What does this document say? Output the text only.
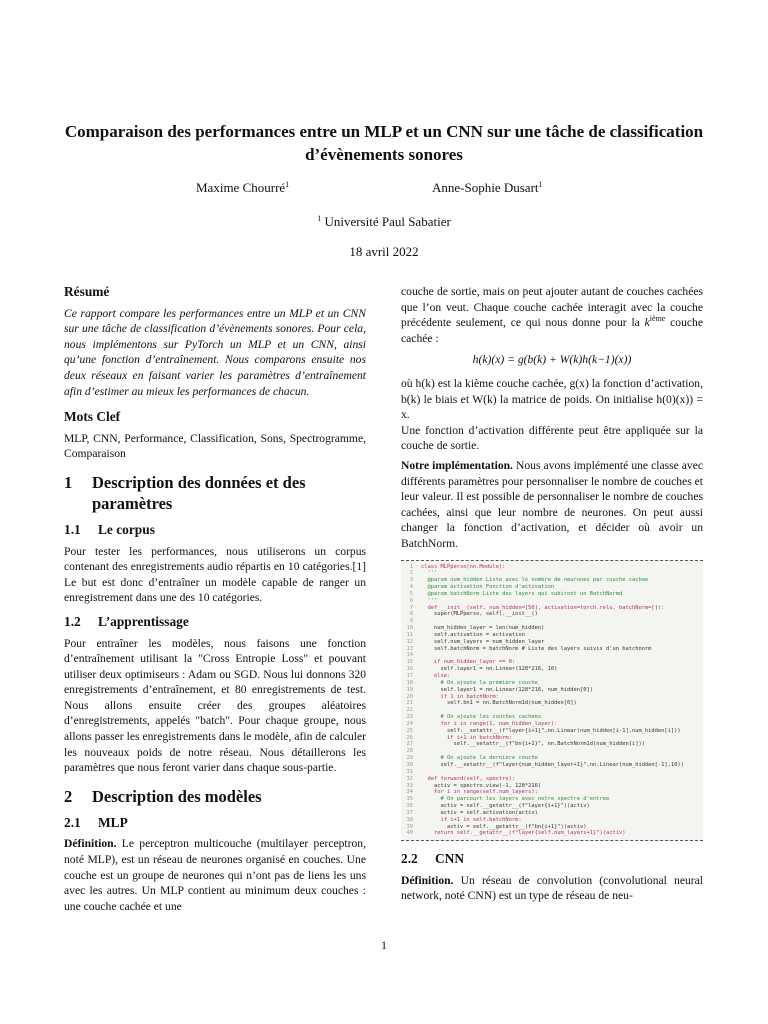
Comparaison des performances entre un MLP et un CNN sur une tâche de classification d’évènements sonores
Maxime Chourré$^1$	Anne-Sophie Dusart$^1$
$^1$ Université Paul Sabatier
18 avril 2022
Résumé

Ce rapport compare les performances entre un MLP et un CNN sur une tâche de classification d’évènements sonores. Pour cela, nous implémentons sur PyTorch un MLP et un CNN, ainsi qu’une fonction d’entraînement. Nous comparons ensuite nos deux réseaux en faisant varier les paramètres d’entraînement afin d’estimer au mieux les performances de chacun.

Mots Clef

MLP, CNN, Performance, Classification, Sons, Spectrogramme, Comparaison

1	Description des données et des paramètres
1.1	Le corpus

Pour tester les performances, nous utiliserons un corpus contenant des enregistrements audio répartis en 10 catégories.[1] Le but est donc d’entraîner un modèle capable de ranger un enregistrement dans une des 10 catégories.

1.2	L’apprentissage

Pour entraîner les modèles, nous faisons une fonction d’entraînement utilisant la "Cross Entropie Loss" et pouvant utiliser deux optimiseurs : Adam ou SGD. Nous lui donnons 320 enregistrements d’entraînement, et 80 enregistrements de test. Nous allons ensuite créer des groupes aléatoires d’enregistrements, appelés "batch". Pour chaque groupe, nous allons passer les enregistrements dans le modèle, afin de calculer les nouveaux poids de notre réseau. Nous détaillerons les paramètres que nous feront varier dans chaque sous-partie.

2	Description des modèles
2.1	MLP

Définition. Le perceptron multicouche (multilayer perceptron, noté MLP), est un réseau de neurones organisé en couches. Une couche est un groupe de neurones qui n’ont pas de liens les uns avec les autres. Un MLP contient au minimum deux couches : une couche cachée et une

couche de sortie, mais on peut ajouter autant de couches cachées que l’on veut. Chaque couche cachée interagit avec la couche précédente seulement, ce qui nous donne pour la $k^{ième}$ couche cachée :

h(k)(x) = g(b(k) + W(k)h(k−1)(x))

où h(k) est la kième couche cachée, g(x) la fonction d’activation, b(k) le biais et W(k) la matrice de poids. On initialise h(0)(x)) = x.

Une fonction d’activation différente peut être appliquée sur la couche de sortie.

Notre implémentation. Nous avons implémenté une classe avec différents paramètres pour personnaliser le nombre de couches et leur valeur. Il est possible de personnaliser le nombre de couches cachées, ainsi que leur nombre de neurones. On peut aussi changer la fonction d’activation, et décider où avoir un BatchNorm.

1 class MLPperso(nn.Module):
2 '''
3 @param num_hidden Liste avec le nombre de neurones par couche cachee
4 @param activation Fonction d'activation
5 @param batchNorm Liste des layers qui subiront un BatchNormd
6 '''
7 def __init__(self, num_hidden=[50], activation=torch.relu, batchNorm=[]):
8 super(MLPperso, self).__init__()
9
10 num_hidden_layer = len(num_hidden)
11 self.activation = activation
12 self.num_layers = num_hidden_layer
13 self.batchNorm = batchNorm # Liste des layers suivis d'un batchnorm
14
15 if num_hidden_layer == 0:
16 self.layer1 = nn.Linear(128*216, 10)
17 else:
18 # On ajoute la premiere couche
19 self.layer1 = nn.Linear(128*216, num_hidden[0])
20 if 1 in batchNorm:
21 self.bn1 = nn.BatchNorm1d(num_hidden[0])
22
23 # On ajoute les couches cachees
24 for i in range(1, num_hidden_layer):
25 self.__setattr__(f"layer{i+1}",nn.Linear(num_hidden[i-1],num_hidden[i]))
26 if i+1 in batchNorm:
27 self.__setattr__(f"bn{i+1}", nn.BatchNorm1d(num_hidden[i]))
28
29 # On ajoute la derniere couche
30 self.__setattr__(f"layer{num_hidden_layer+1}",nn.Linear(num_hidden[-1],10))
31
32 def forward(self, spectro):
33 activ = spectro.view(-1, 128*216)
34 for i in range(self.num_layers):
35 # On parcourt les layers avec notre spectre d'entree
36 activ = self.__getattr__(f"layer{i+1}")(activ)
37 activ = self.activation(activ)
38 if i+1 in self.batchNorm:
39 activ = self.__getattr__(f"bn{i+1}")(activ)
40 return self.__getattr__(f"layer{self.num_layers+1}")(activ)
2.2	CNN

Définition. Un réseau de convolution (convolutional neural network, noté CNN) est un type de réseau de neu-

1
